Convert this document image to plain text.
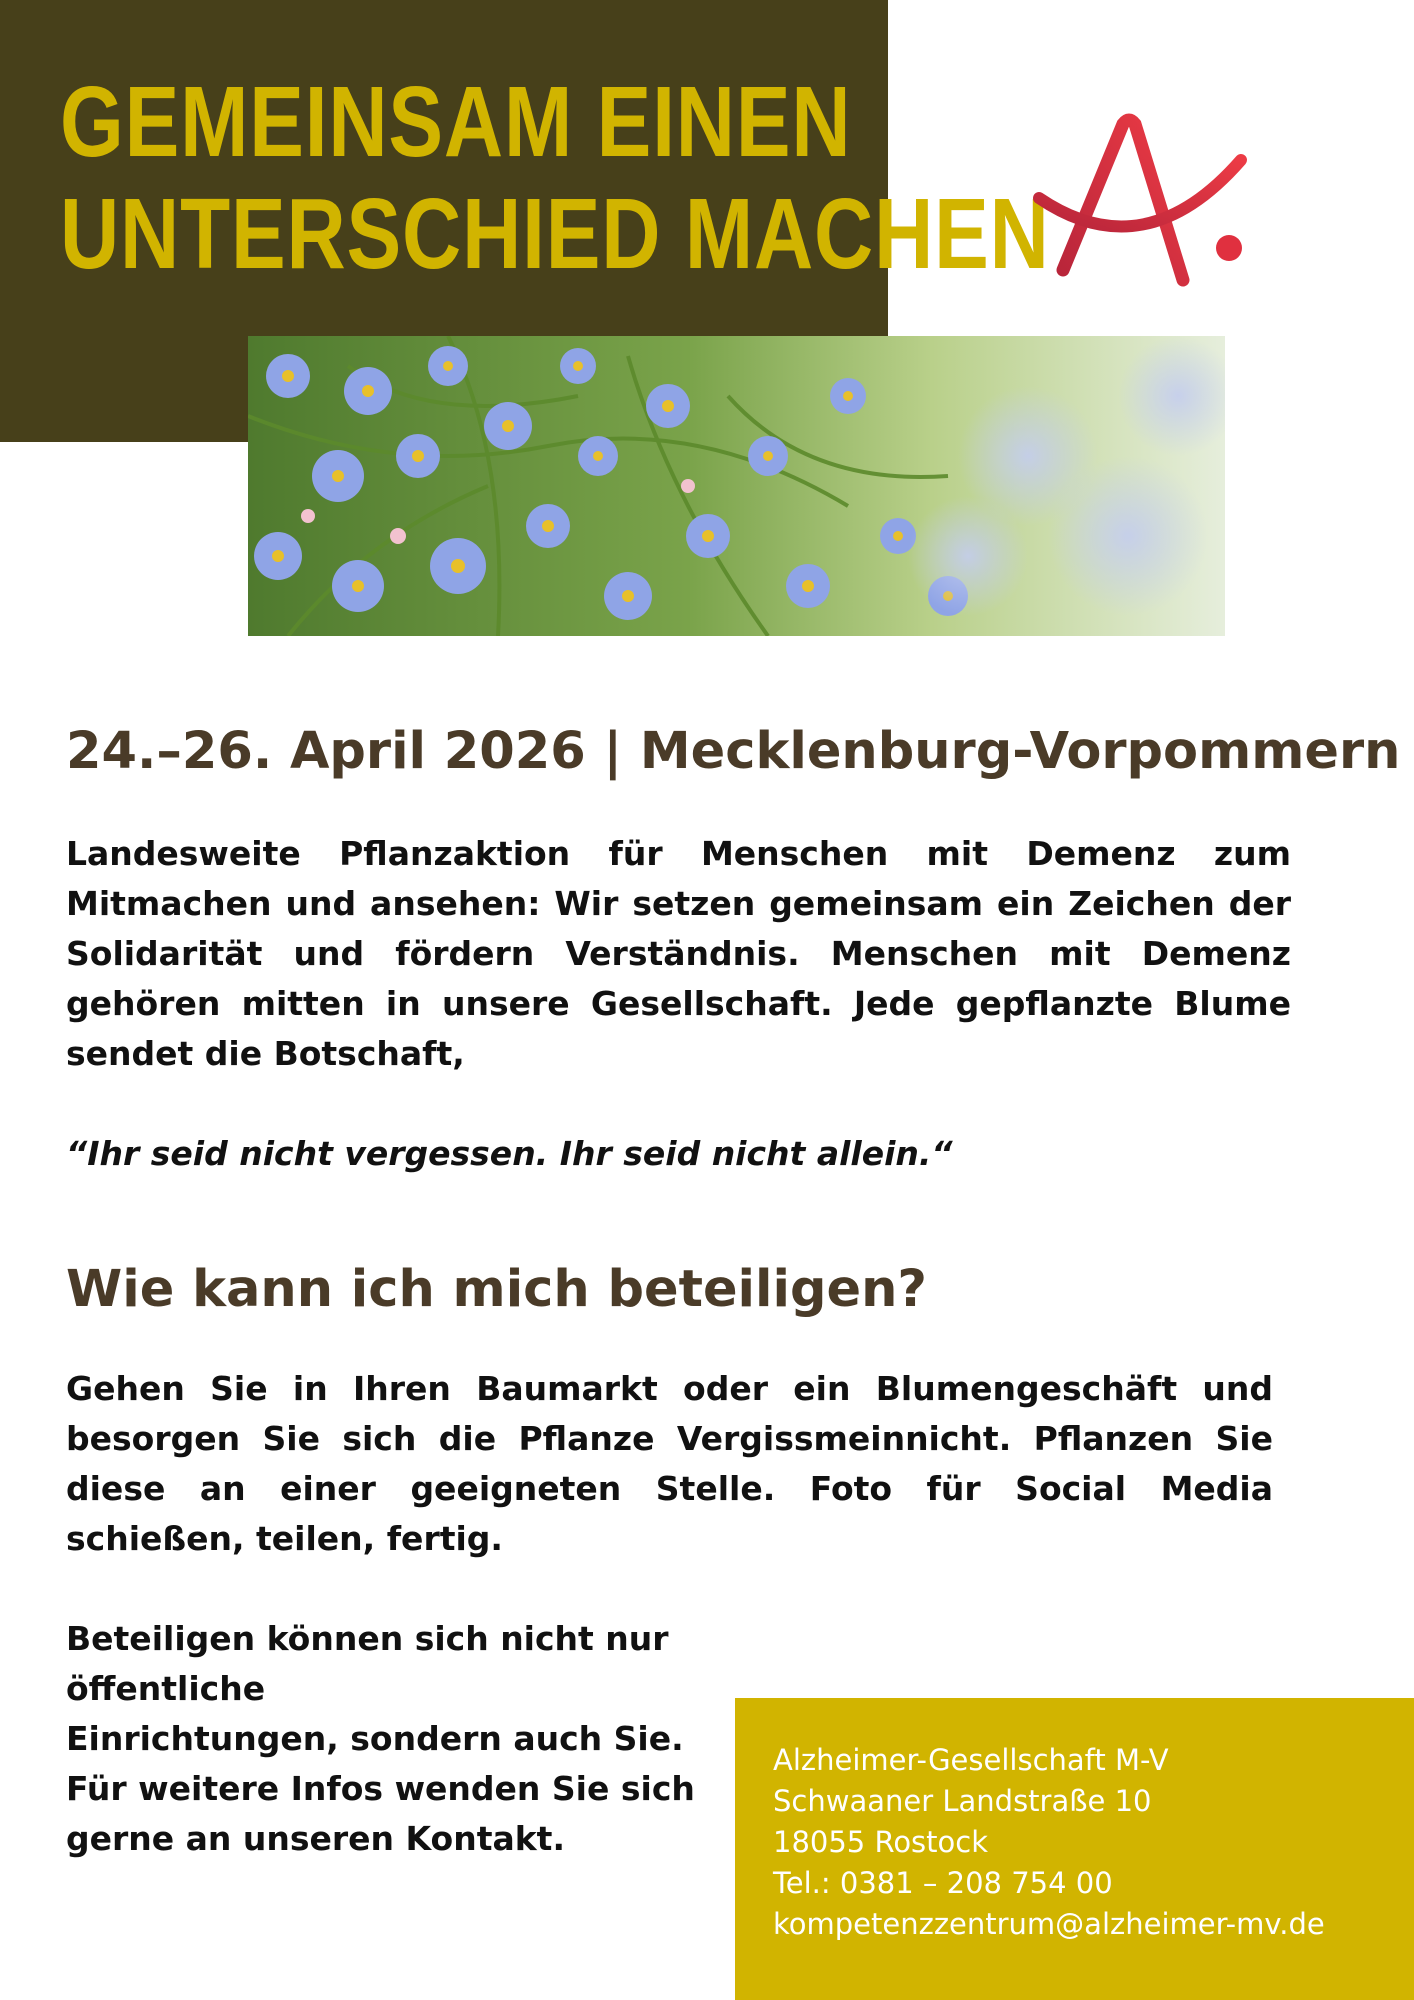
GEMEINSAM EINEN
UNTERSCHIED MACHEN
24.–26. April 2026 | Mecklenburg-Vorpommern

Landesweite Pflanzaktion für Menschen mit Demenz zum Mitmachen und ansehen: Wir setzen gemeinsam ein Zeichen der Solidarität und fördern Verständnis. Menschen mit Demenz gehören mitten in unsere Gesellschaft. Jede gepflanzte Blume sendet die Botschaft,

“Ihr seid nicht vergessen. Ihr seid nicht allein.“
Wie kann ich mich beteiligen?

Gehen Sie in Ihren Baumarkt oder ein Blumengeschäft und besorgen Sie sich die Pflanze Vergissmeinnicht. Pflanzen Sie diese an einer geeigneten Stelle. Foto für Social Media schießen, teilen, fertig.

Beteiligen können sich nicht nur öffentliche
Einrichtungen, sondern auch Sie.
Für weitere Infos wenden Sie sich
gerne an unseren Kontakt.
Alzheimer-Gesellschaft M-V
Schwaaner Landstraße 10
18055 Rostock
Tel.: 0381 – 208 754 00
kompetenzzentrum@alzheimer-mv.de
